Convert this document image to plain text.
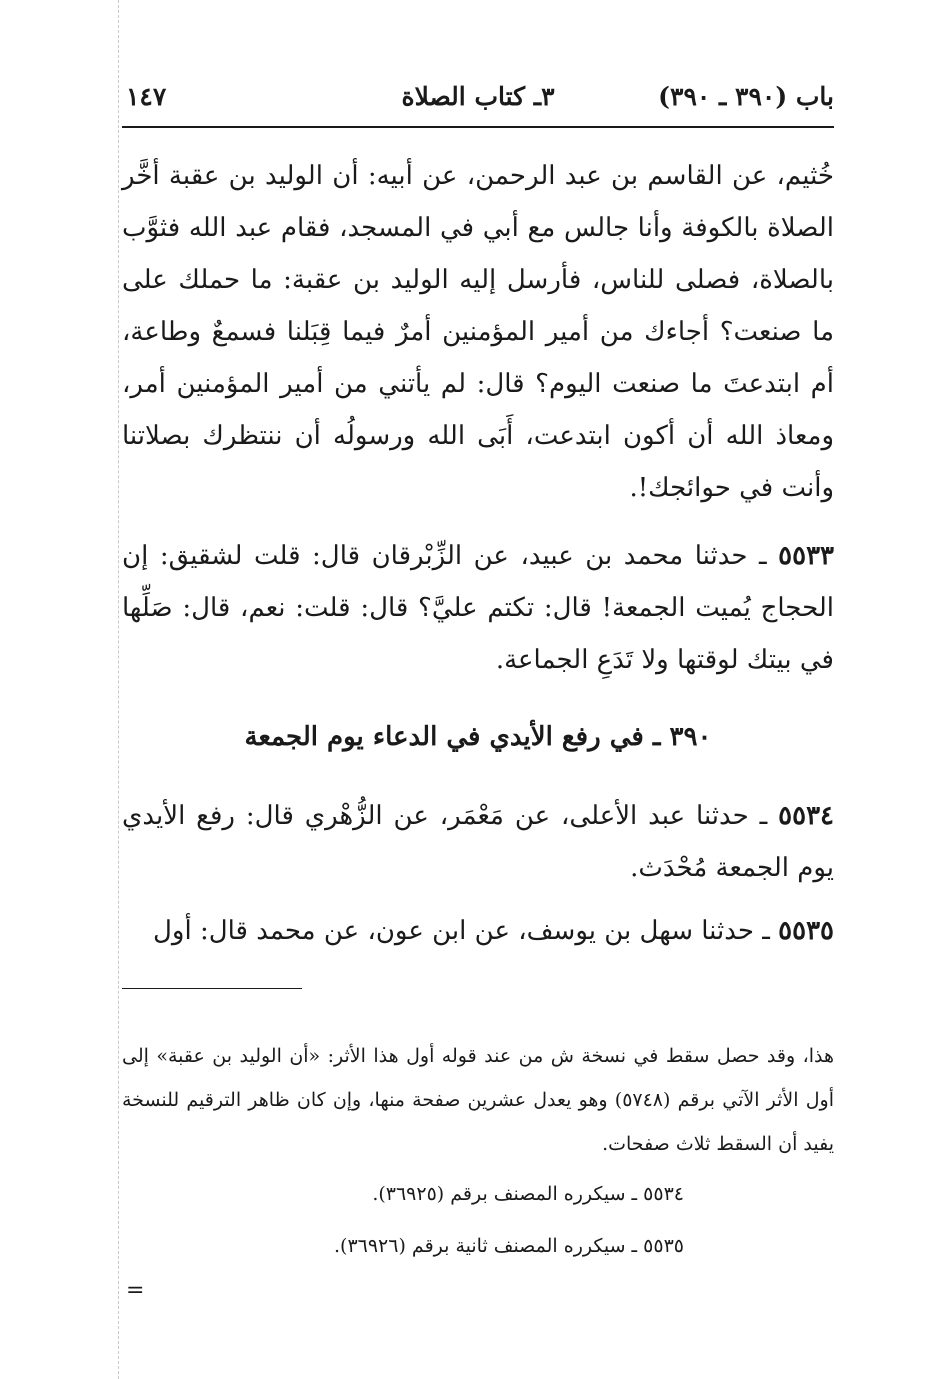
باب (٣٩٠ ـ ٣٩٠)
٣ـ كتاب الصلاة
١٤٧

خُثيم، عن القاسم بن عبد الرحمن، عن أبيه: أن الوليد بن عقبة أخَّر الصلاة بالكوفة وأنا جالس مع أبي في المسجد، فقام عبد الله فثوَّب بالصلاة، فصلى للناس، فأرسل إليه الوليد بن عقبة: ما حملك على ما صنعت؟ أجاءك من أمير المؤمنين أمرٌ فيما قِبَلنا فسمعٌ وطاعة، أم ابتدعتَ ما صنعت اليوم؟ قال: لم يأتني من أمير المؤمنين أمر، ومعاذ الله أن أكون ابتدعت، أَبَى الله ورسولُه أن ننتظرك بصلاتنا وأنت في حوائجك!.

٥٥٣٣ ـ حدثنا محمد بن عبيد، عن الزِّبْرقان قال: قلت لشقيق: إن الحجاج يُميت الجمعة! قال: تكتم عليَّ؟ قال: قلت: نعم، قال: صَلِّها في بيتك لوقتها ولا تَدَعِ الجماعة.

٣٩٠ ـ في رفع الأيدي في الدعاء يوم الجمعة

٥٥٣٤ ـ حدثنا عبد الأعلى، عن مَعْمَر، عن الزُّهْري قال: رفع الأيدي يوم الجمعة مُحْدَث.

٥٥٣٥ ـ حدثنا سهل بن يوسف، عن ابن عون، عن محمد قال: أول

هذا، وقد حصل سقط في نسخة ش من عند قوله أول هذا الأثر: «أن الوليد بن عقبة» إلى أول الأثر الآتي برقم (٥٧٤٨) وهو يعدل عشرين صفحة منها، وإن كان ظاهر الترقيم للنسخة يفيد أن السقط ثلاث صفحات.

٥٥٣٤ ـ سيكرره المصنف برقم (٣٦٩٢٥).

٥٥٣٥ ـ سيكرره المصنف ثانية برقم (٣٦٩٢٦).

=
